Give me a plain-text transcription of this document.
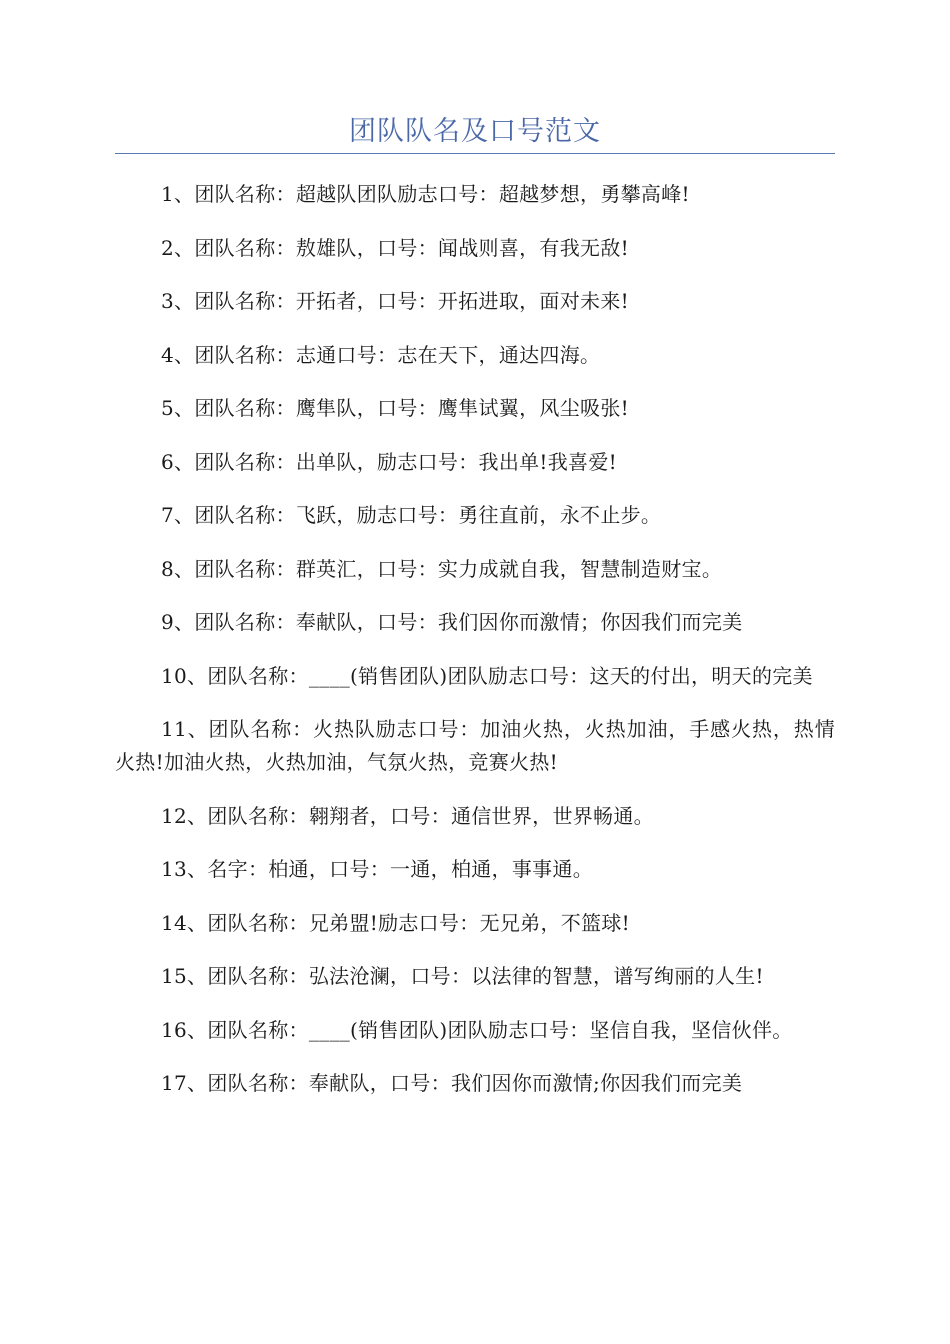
团队队名及口号范文

1、团队名称：超越队团队励志口号：超越梦想，勇攀高峰!

2、团队名称：敖雄队，口号：闻战则喜，有我无敌!

3、团队名称：开拓者，口号：开拓进取，面对未来!

4、团队名称：志通口号：志在天下，通达四海。

5、团队名称：鹰隼队，口号：鹰隼试翼，风尘吸张!

6、团队名称：出单队，励志口号：我出单!我喜爱!

7、团队名称：飞跃，励志口号：勇往直前，永不止步。

8、团队名称：群英汇，口号：实力成就自我，智慧制造财宝。

9、团队名称：奉献队，口号：我们因你而激情；你因我们而完美

10、团队名称：____(销售团队)团队励志口号：这天的付出，明天的完美

11、团队名称：火热队励志口号：加油火热，火热加油，手感火热，热情火热!加油火热，火热加油，气氛火热，竞赛火热!

12、团队名称：翱翔者，口号：通信世界，世界畅通。

13、名字：柏通，口号：一通，柏通，事事通。

14、团队名称：兄弟盟!励志口号：无兄弟，不篮球!

15、团队名称：弘法沧澜，口号：以法律的智慧，谱写绚丽的人生!

16、团队名称：____(销售团队)团队励志口号：坚信自我，坚信伙伴。

17、团队名称：奉献队，口号：我们因你而激情;你因我们而完美
